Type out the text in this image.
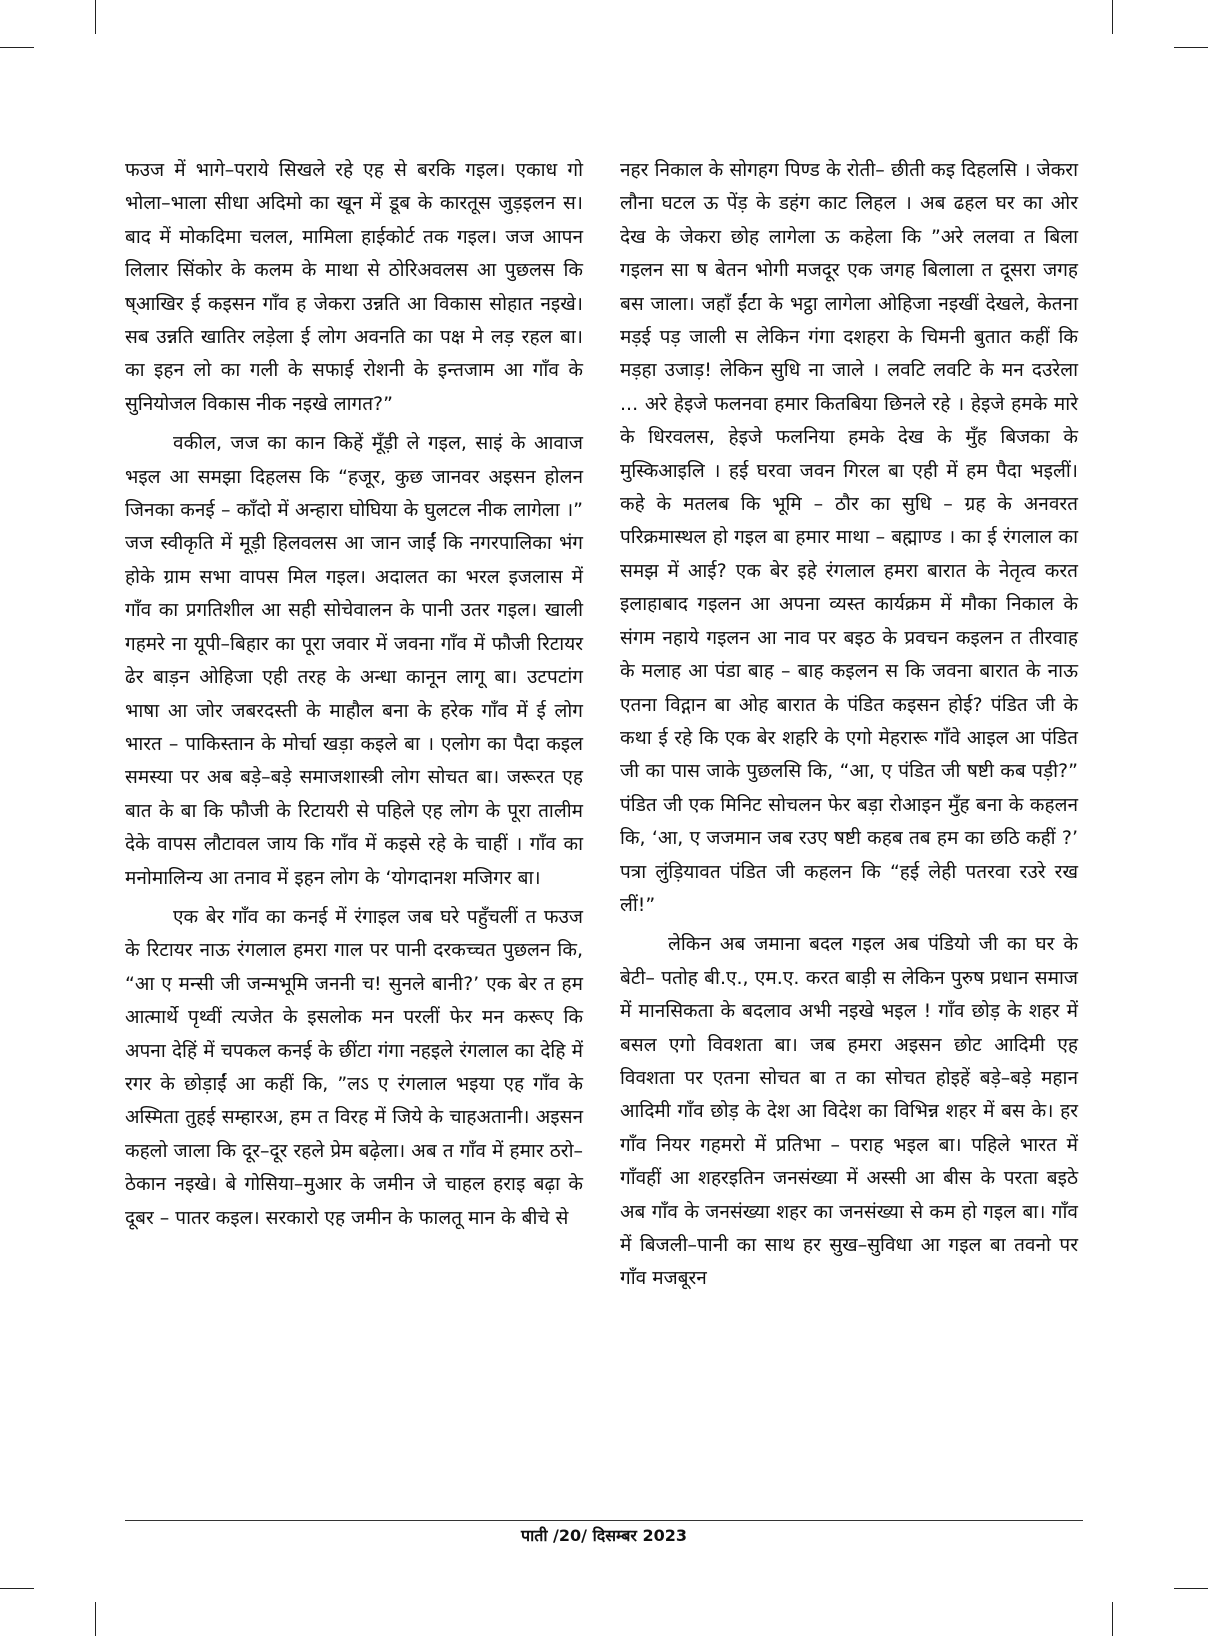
फउज में भागे–पराये सिखले रहे एह से बरकि गइल। एकाध गो भोला–भाला सीधा अदिमो का खून में डूब के कारतूस जुड़इलन स। बाद में मोकदिमा चलल, मामिला हाईकोर्ट तक गइल। जज आपन लिलार सिंकोर के कलम के माथा से ठोरिअवलस आ पुछलस कि ष्आखिर ई कइसन गाँव ह जेकरा उन्नति आ विकास सोहात नइखे। सब उन्नति खातिर लड़ेला ई लोग अवनति का पक्ष मे लड़ रहल बा। का इहन लो का गली के सफाई रोशनी के इन्तजाम आ गाँव के सुनियोजल विकास नीक नइखे लागत?”

वकील, जज का कान किहें मूँड़ी ले गइल, साइं के आवाज भइल आ समझा दिहलस कि “हजूर, कुछ जानवर अइसन होलन जिनका कनई – काँदो में अन्हारा घोघिया के घुलटल नीक लागेला ।” जज स्वीकृति में मूड़ी हिलवलस आ जान जाईं कि नगरपालिका भंग होके ग्राम सभा वापस मिल गइल। अदालत का भरल इजलास में गाँव का प्रगतिशील आ सही सोचेवालन के पानी उतर गइल। खाली गहमरे ना यूपी–बिहार का पूरा जवार में जवना गाँव में फौजी रिटायर ढेर बाड़न ओहिजा एही तरह के अन्धा कानून लागू बा। उटपटांग भाषा आ जोर जबरदस्ती के माहौल बना के हरेक गाँव में ई लोग भारत – पाकिस्तान के मोर्चा खड़ा कइले बा । एलोग का पैदा कइल समस्या पर अब बड़े–बड़े समाजशास्त्री लोग सोचत बा। जरूरत एह बात के बा कि फौजी के रिटायरी से पहिले एह लोग के पूरा तालीम देके वापस लौटावल जाय कि गाँव में कइसे रहे के चाहीं । गाँव का मनोमालिन्य आ तनाव में इहन लोग के ‘योगदानश मजिगर बा।

एक बेर गाँव का कनई में रंगाइल जब घरे पहुँचलीं त फउज के रिटायर नाऊ रंगलाल हमरा गाल पर पानी दरकच्चत पुछलन कि, “आ ए मन्सी जी जन्मभूमि जननी च! सुनले बानी?’ एक बेर त हम आत्मार्थे पृथ्वीं त्यजेत के इसलोक मन परलीं फेर मन करूए कि अपना देहिं में चपकल कनई के छींटा गंगा नहइले रंगलाल का देहि में रगर के छोड़ाईं आ कहीं कि, ”लऽ ए रंगलाल भइया एह गाँव के अस्मिता तुहई सम्हारअ, हम त विरह में जिये के चाहअतानी। अइसन कहलो जाला कि दूर–दूर रहले प्रेम बढ़ेला। अब त गाँव में हमार ठरो–ठेकान नइखे। बे गोसिया–मुआर के जमीन जे चाहल हराइ बढ़ा के दूबर – पातर कइल। सरकारो एह जमीन के फालतू मान के बीचे से

नहर निकाल के सोगहग पिण्ड के रोती– छीती कइ दिहलसि । जेकरा लौना घटल ऊ पेंड़ के डहंग काट लिहल । अब ढहल घर का ओर देख के जेकरा छोह लागेला ऊ कहेला कि ”अरे ललवा त बिला गइलन सा ष बेतन भोगी मजदूर एक जगह बिलाला त दूसरा जगह बस जाला। जहाँ ईंटा के भट्ठा लागेला ओहिजा नइखीं देखले, केतना मड़ई पड़ जाली स लेकिन गंगा दशहरा के चिमनी बुतात कहीं कि मड़हा उजाड़! लेकिन सुधि ना जाले । लवटि लवटि के मन दउरेला ... अरे हेइजे फलनवा हमार कितबिया छिनले रहे । हेइजे हमके मारे के धिरवलस, हेइजे फलनिया हमके देख के मुँह बिजका के मुस्किआइलि । हई घरवा जवन गिरल बा एही में हम पैदा भइलीं। कहे के मतलब कि भूमि – ठौर का सुधि – ग्रह के अनवरत परिक्रमास्थल हो गइल बा हमार माथा – बह्माण्ड । का ई रंगलाल का समझ में आई? एक बेर इहे रंगलाल हमरा बारात के नेतृत्व करत इलाहाबाद गइलन आ अपना व्यस्त कार्यक्रम में मौका निकाल के संगम नहाये गइलन आ नाव पर बइठ के प्रवचन कइलन त तीरवाह के मलाह आ पंडा बाह – बाह कइलन स कि जवना बारात के नाऊ एतना विद्गान बा ओह बारात के पंडित कइसन होई? पंडित जी के कथा ई रहे कि एक बेर शहरि के एगो मेहरारू गाँवे आइल आ पंडित जी का पास जाके पुछलसि कि, “आ, ए पंडित जी षष्टी कब पड़ी?” पंडित जी एक मिनिट सोचलन फेर बड़ा रोआइन मुँह बना के कहलन कि, ‘आ, ए जजमान जब रउए षष्टी कहब तब हम का छठि कहीं ?’ पत्रा लुंड़ियावत पंडित जी कहलन कि “हई लेही पतरवा रउरे रख लीं!”

लेकिन अब जमाना बदल गइल अब पंडियो जी का घर के बेटी– पतोह बी.ए., एम.ए. करत बाड़ी स लेकिन पुरुष प्रधान समाज में मानसिकता के बदलाव अभी नइखे भइल ! गाँव छोड़ के शहर में बसल एगो विवशता बा। जब हमरा अइसन छोट आदिमी एह विवशता पर एतना सोचत बा त का सोचत होइहें बड़े–बड़े महान आदिमी गाँव छोड़ के देश आ विदेश का विभिन्न शहर में बस के। हर गाँव नियर गहमरो में प्रतिभा – पराह भइल बा। पहिले भारत में गाँवहीं आ शहरइतिन जनसंख्या में अस्सी आ बीस के परता बइठे अब गाँव के जनसंख्या शहर का जनसंख्या से कम हो गइल बा। गाँव में बिजली–पानी का साथ हर सुख–सुविधा आ गइल बा तवनो पर गाँव मजबूरन

पाती /20/ दिसम्बर 2023
